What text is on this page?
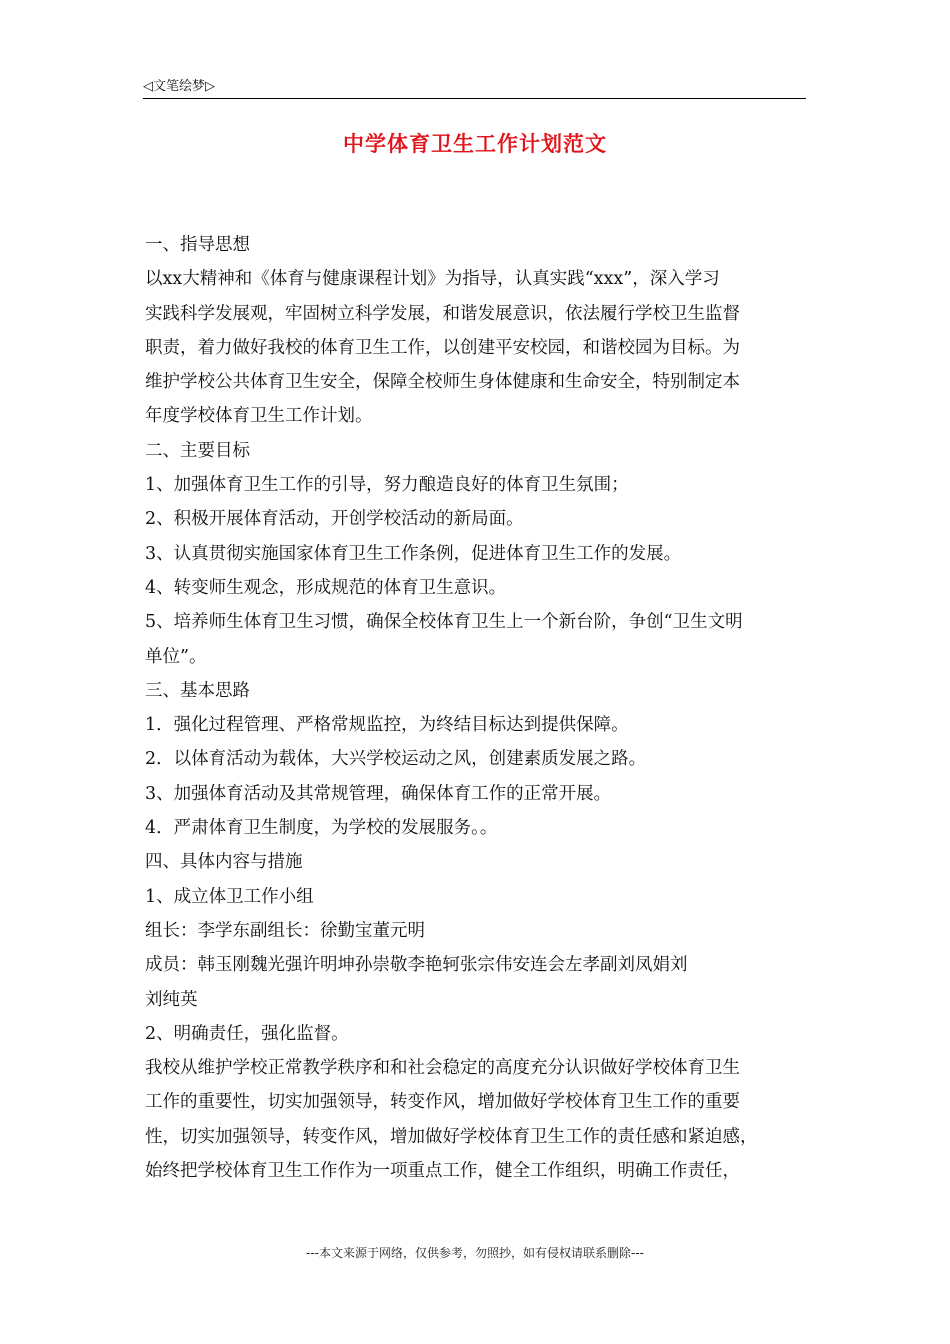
◁文笔绘梦▷
中学体育卫生工作计划范文
一、指导思想
以xx大精神和《体育与健康课程计划》为指导，认真实践“xxx”，深入学习
实践科学发展观，牢固树立科学发展，和谐发展意识，依法履行学校卫生监督
职责，着力做好我校的体育卫生工作，以创建平安校园，和谐校园为目标。为
维护学校公共体育卫生安全，保障全校师生身体健康和生命安全，特别制定本
年度学校体育卫生工作计划。
二、主要目标
1、加强体育卫生工作的引导，努力酿造良好的体育卫生氛围；
2、积极开展体育活动，开创学校活动的新局面。
3、认真贯彻实施国家体育卫生工作条例，促进体育卫生工作的发展。
4、转变师生观念，形成规范的体育卫生意识。
5、培养师生体育卫生习惯，确保全校体育卫生上一个新台阶，争创“卫生文明
单位”。
三、基本思路
1．强化过程管理、严格常规监控，为终结目标达到提供保障。
2．以体育活动为载体，大兴学校运动之风，创建素质发展之路。
3、加强体育活动及其常规管理，确保体育工作的正常开展。
4．严肃体育卫生制度，为学校的发展服务。。
四、具体内容与措施
1、成立体卫工作小组
组长：李学东副组长：徐勤宝董元明
成员：韩玉刚魏光强许明坤孙崇敬李艳轲张宗伟安连会左孝副刘凤娟刘
刘纯英
2、明确责任，强化监督。
我校从维护学校正常教学秩序和和社会稳定的高度充分认识做好学校体育卫生
工作的重要性，切实加强领导，转变作风，增加做好学校体育卫生工作的重要
性，切实加强领导，转变作风，增加做好学校体育卫生工作的责任感和紧迫感，
始终把学校体育卫生工作作为一项重点工作，健全工作组织，明确工作责任，
---本文来源于网络，仅供参考，勿照抄，如有侵权请联系删除---
